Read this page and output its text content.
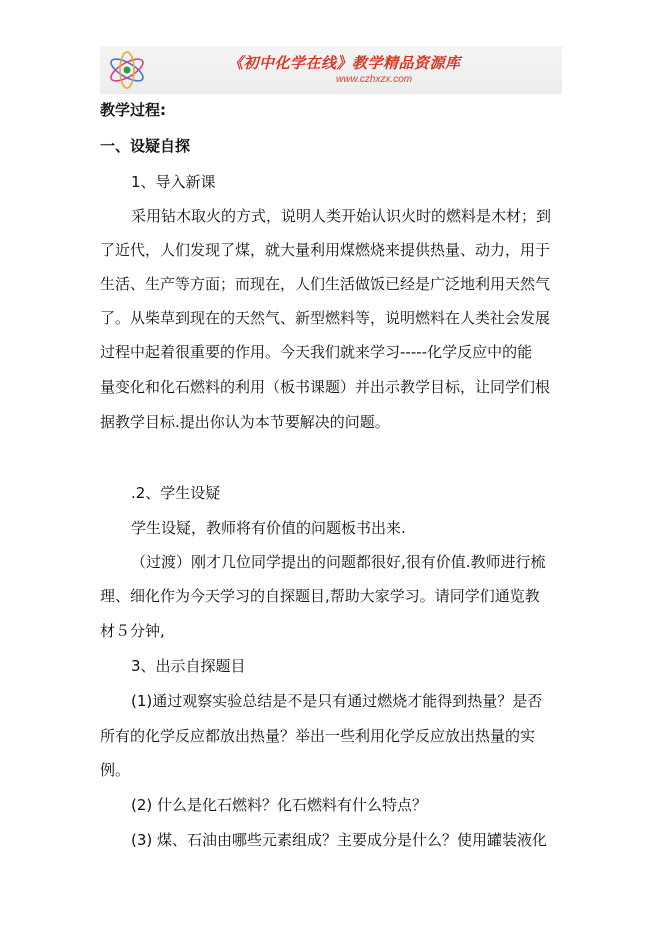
《初中化学在线》教学精品资源库
www.czhxzx.com
教学过程:
一、设疑自探
1、导入新课
采用钻木取火的方式，说明人类开始认识火时的燃料是木材；到
了近代，人们发现了煤，就大量利用煤燃烧来提供热量、动力，用于
生活、生产等方面；而现在，人们生活做饭已经是广泛地利用天然气
了。从柴草到现在的天然气、新型燃料等，说明燃料在人类社会发展
过程中起着很重要的作用。今天我们就来学习-----化学反应中的能
量变化和化石燃料的利用（板书课题）并出示教学目标，让同学们根
据教学目标.提出你认为本节要解决的问题。
.2、学生设疑
学生设疑，教师将有价值的问题板书出来.
（过渡）刚才几位同学提出的问题都很好,很有价值.教师进行梳
理、细化作为今天学习的自探题目,帮助大家学习。请同学们通览教
材５分钟,
3、出示自探题目
(1)通过观察实验总结是不是只有通过燃烧才能得到热量？是否
所有的化学反应都放出热量？举出一些利用化学反应放出热量的实
例。
(2) 什么是化石燃料？化石燃料有什么特点？
(3) 煤、石油由哪些元素组成？主要成分是什么？使用罐装液化
